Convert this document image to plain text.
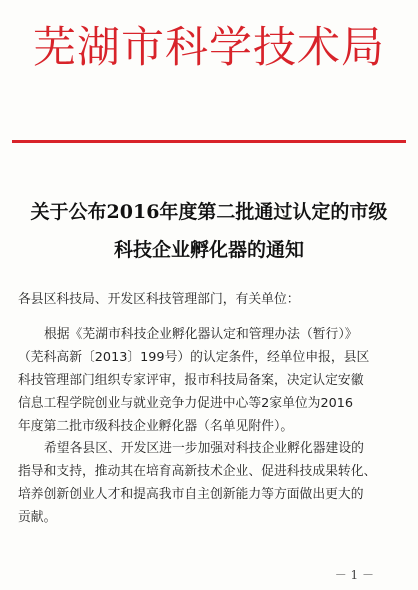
芜湖市科学技术局
关于公布2016年度第二批通过认定的市级
科技企业孵化器的通知
各县区科技局、开发区科技管理部门，有关单位：
根据《芜湖市科技企业孵化器认定和管理办法（暂行）》
（芜科高新〔2013〕199号）的认定条件，经单位申报，县区
科技管理部门组织专家评审，报市科技局备案，决定认定安徽
信息工程学院创业与就业竞争力促进中心等2家单位为2016
年度第二批市级科技企业孵化器（名单见附件）。
希望各县区、开发区进一步加强对科技企业孵化器建设的
指导和支持，推动其在培育高新技术企业、促进科技成果转化、
培养创新创业人才和提高我市自主创新能力等方面做出更大的
贡献。
－ 1 －
